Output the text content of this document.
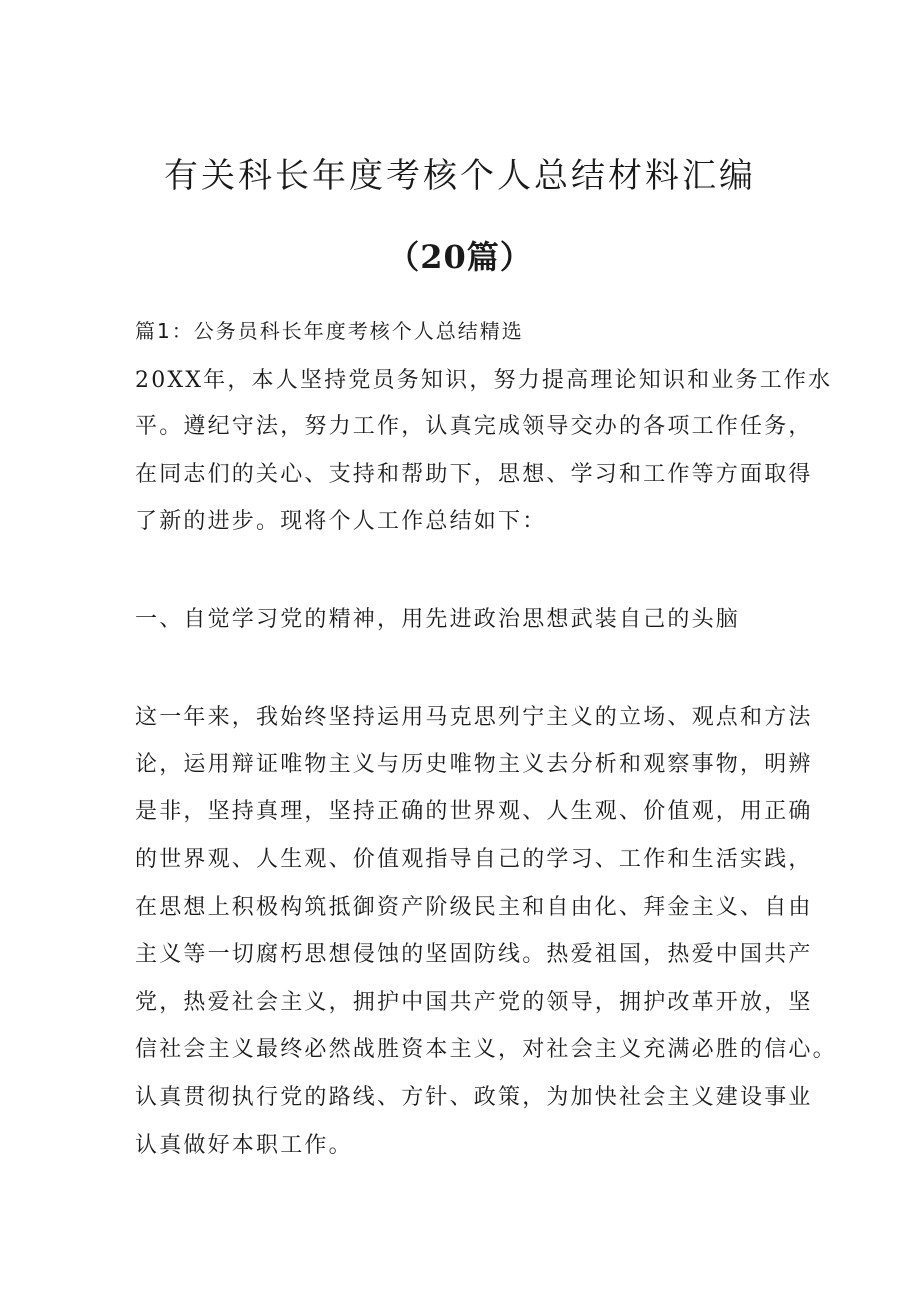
有关科长年度考核个人总结材料汇编
（20篇）
篇1：公务员科长年度考核个人总结精选
20XX年，本人坚持党员务知识，努力提高理论知识和业务工作水
平。遵纪守法，努力工作，认真完成领导交办的各项工作任务，
在同志们的关心、支持和帮助下，思想、学习和工作等方面取得
了新的进步。现将个人工作总结如下：
一、自觉学习党的精神，用先进政治思想武装自己的头脑
这一年来，我始终坚持运用马克思列宁主义的立场、观点和方法
论，运用辩证唯物主义与历史唯物主义去分析和观察事物，明辨
是非，坚持真理，坚持正确的世界观、人生观、价值观，用正确
的世界观、人生观、价值观指导自己的学习、工作和生活实践，
在思想上积极构筑抵御资产阶级民主和自由化、拜金主义、自由
主义等一切腐朽思想侵蚀的坚固防线。热爱祖国，热爱中国共产
党，热爱社会主义，拥护中国共产党的领导，拥护改革开放，坚
信社会主义最终必然战胜资本主义，对社会主义充满必胜的信心。
认真贯彻执行党的路线、方针、政策，为加快社会主义建设事业
认真做好本职工作。
